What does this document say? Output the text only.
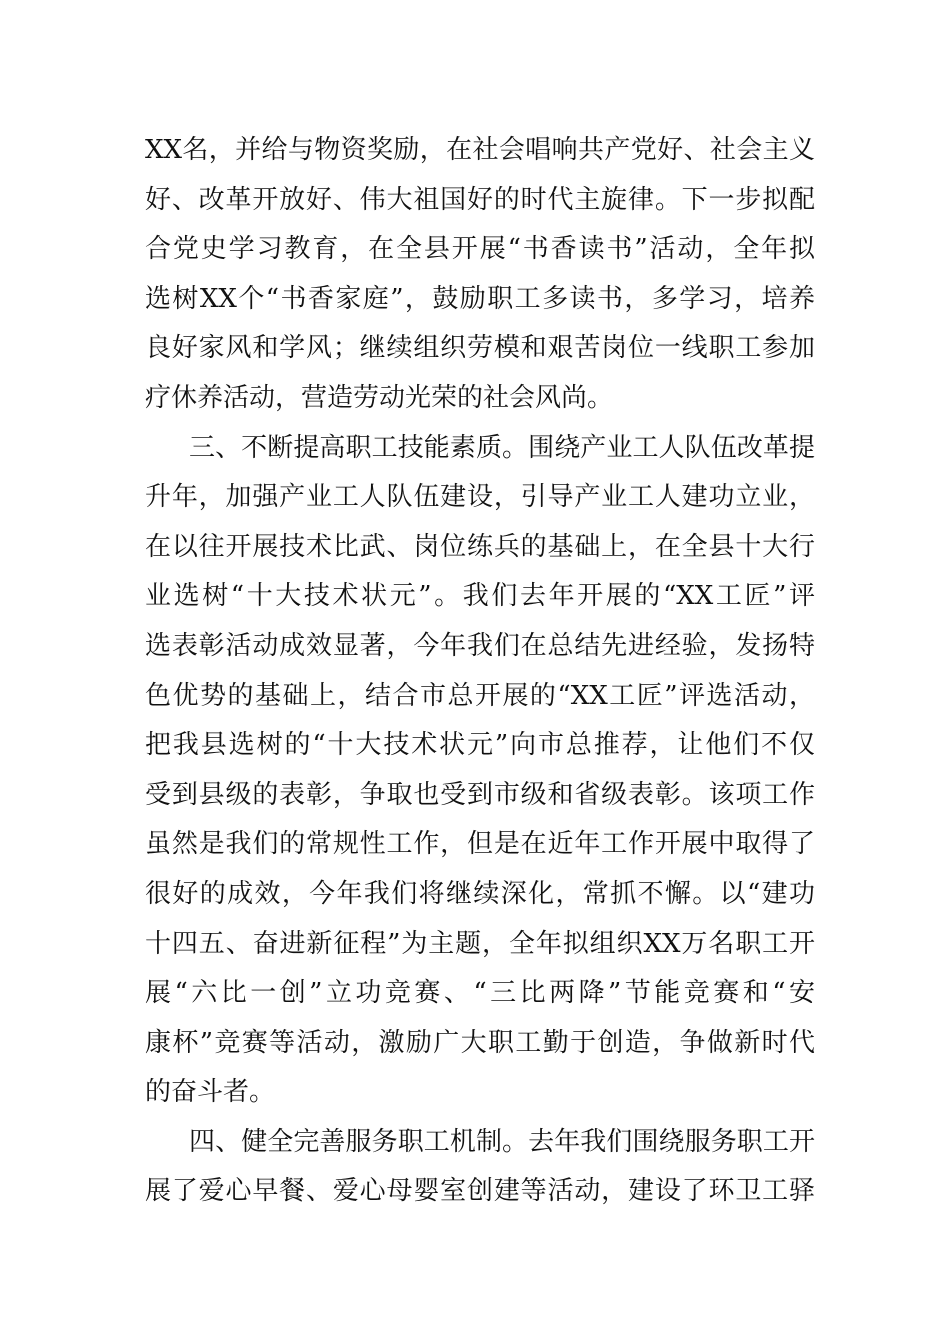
XX名，并给与物资奖励，在社会唱响共产党好、社会主义
好、改革开放好、伟大祖国好的时代主旋律。下一步拟配
合党史学习教育，在全县开展“书香读书”活动，全年拟
选树XX个“书香家庭”，鼓励职工多读书，多学习，培养
良好家风和学风；继续组织劳模和艰苦岗位一线职工参加
疗休养活动，营造劳动光荣的社会风尚。
三、不断提高职工技能素质。围绕产业工人队伍改革提
升年，加强产业工人队伍建设，引导产业工人建功立业，
在以往开展技术比武、岗位练兵的基础上，在全县十大行
业选树“十大技术状元”。我们去年开展的“XX工匠”评
选表彰活动成效显著，今年我们在总结先进经验，发扬特
色优势的基础上，结合市总开展的“XX工匠”评选活动，
把我县选树的“十大技术状元”向市总推荐，让他们不仅
受到县级的表彰，争取也受到市级和省级表彰。该项工作
虽然是我们的常规性工作，但是在近年工作开展中取得了
很好的成效，今年我们将继续深化，常抓不懈。以“建功
十四五、奋进新征程”为主题，全年拟组织XX万名职工开
展“六比一创”立功竞赛、“三比两降”节能竞赛和“安
康杯”竞赛等活动，激励广大职工勤于创造，争做新时代
的奋斗者。
四、健全完善服务职工机制。去年我们围绕服务职工开
展了爱心早餐、爱心母婴室创建等活动，建设了环卫工驿
